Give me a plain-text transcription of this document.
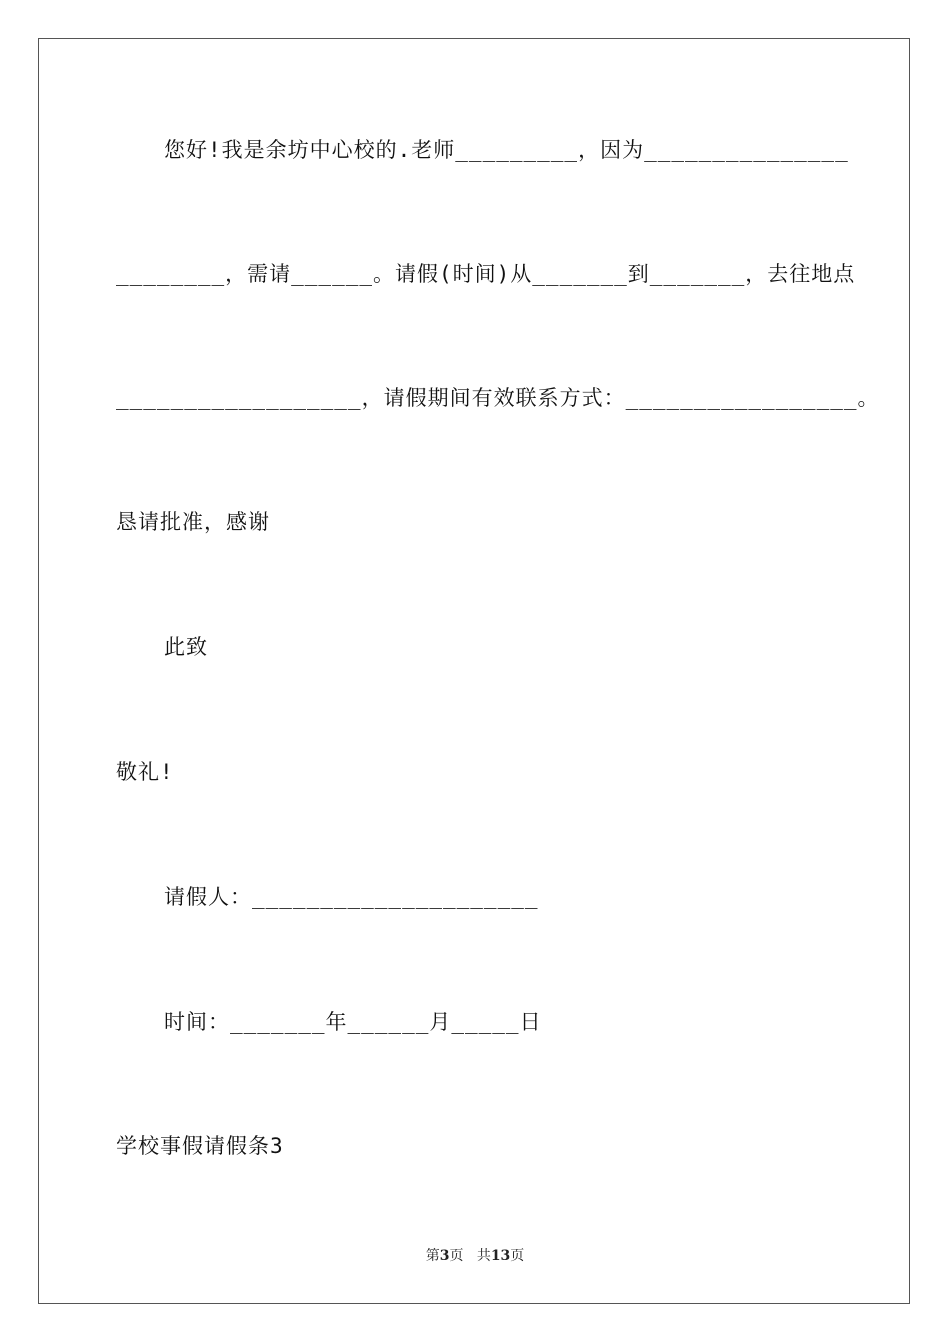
您好!我是余坊中心校的.老师_________，因为_______________
________，需请______。请假(时间)从_______到_______，去往地点
__________________，请假期间有效联系方式：_________________。
恳请批准，感谢
此致
敬礼!
请假人：_____________________
时间：_______年______月_____日
学校事假请假条3
第3页 共13页
